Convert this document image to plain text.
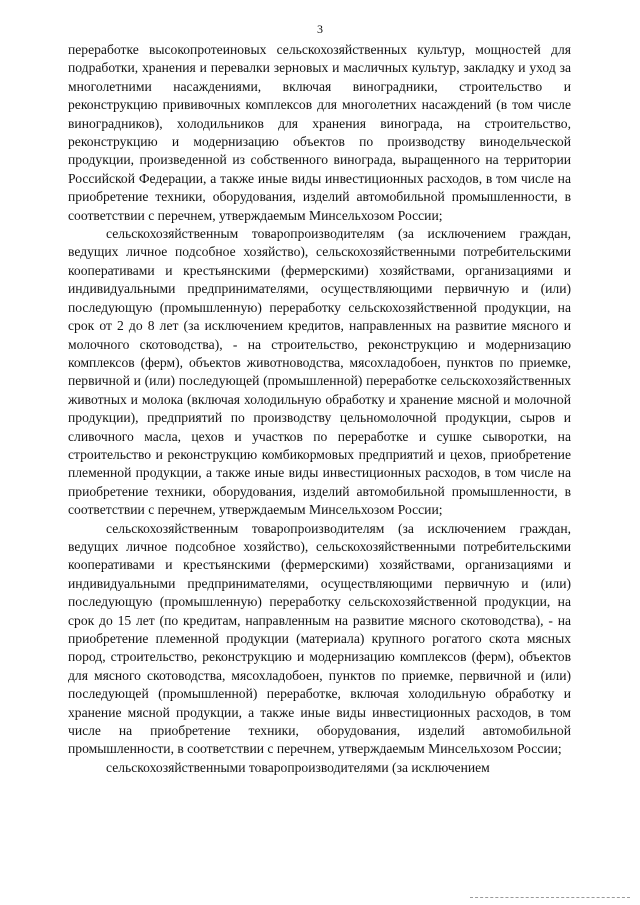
3

переработке высокопротеиновых сельскохозяйственных культур, мощностей для подработки, хранения и перевалки зерновых и масличных культур, закладку и уход за многолетними насаждениями, включая виноградники, строительство и реконструкцию прививочных комплексов для многолетних насаждений (в том числе виноградников), холодильников для хранения винограда, на строительство, реконструкцию и модернизацию объектов по производству винодельческой продукции, произведенной из собственного винограда, выращенного на территории Российской Федерации, а также иные виды инвестиционных расходов, в том числе на приобретение техники, оборудования, изделий автомобильной промышленности, в соответствии с перечнем, утверждаемым Минсельхозом России;

сельскохозяйственным товаропроизводителям (за исключением граждан, ведущих личное подсобное хозяйство), сельскохозяйственными потребительскими кооперативами и крестьянскими (фермерскими) хозяйствами, организациями и индивидуальными предпринимателями, осуществляющими первичную и (или) последующую (промышленную) переработку сельскохозяйственной продукции, на срок от 2 до 8 лет (за исключением кредитов, направленных на развитие мясного и молочного скотоводства), - на строительство, реконструкцию и модернизацию комплексов (ферм), объектов животноводства, мясохладобоен, пунктов по приемке, первичной и (или) последующей (промышленной) переработке сельскохозяйственных животных и молока (включая холодильную обработку и хранение мясной и молочной продукции), предприятий по производству цельномолочной продукции, сыров и сливочного масла, цехов и участков по переработке и сушке сыворотки, на строительство и реконструкцию комбикормовых предприятий и цехов, приобретение племенной продукции, а также иные виды инвестиционных расходов, в том числе на приобретение техники, оборудования, изделий автомобильной промышленности, в соответствии с перечнем, утверждаемым Минсельхозом России;

сельскохозяйственным товаропроизводителям (за исключением граждан, ведущих личное подсобное хозяйство), сельскохозяйственными потребительскими кооперативами и крестьянскими (фермерскими) хозяйствами, организациями и индивидуальными предпринимателями, осуществляющими первичную и (или) последующую (промышленную) переработку сельскохозяйственной продукции, на срок до 15 лет (по кредитам, направленным на развитие мясного скотоводства), - на приобретение племенной продукции (материала) крупного рогатого скота мясных пород, строительство, реконструкцию и модернизацию комплексов (ферм), объектов для мясного скотоводства, мясохладобоен, пунктов по приемке, первичной и (или) последующей (промышленной) переработке, включая холодильную обработку и хранение мясной продукции, а также иные виды инвестиционных расходов, в том числе на приобретение техники, оборудования, изделий автомобильной промышленности, в соответствии с перечнем, утверждаемым Минсельхозом России;

сельскохозяйственными товаропроизводителями (за исключением
